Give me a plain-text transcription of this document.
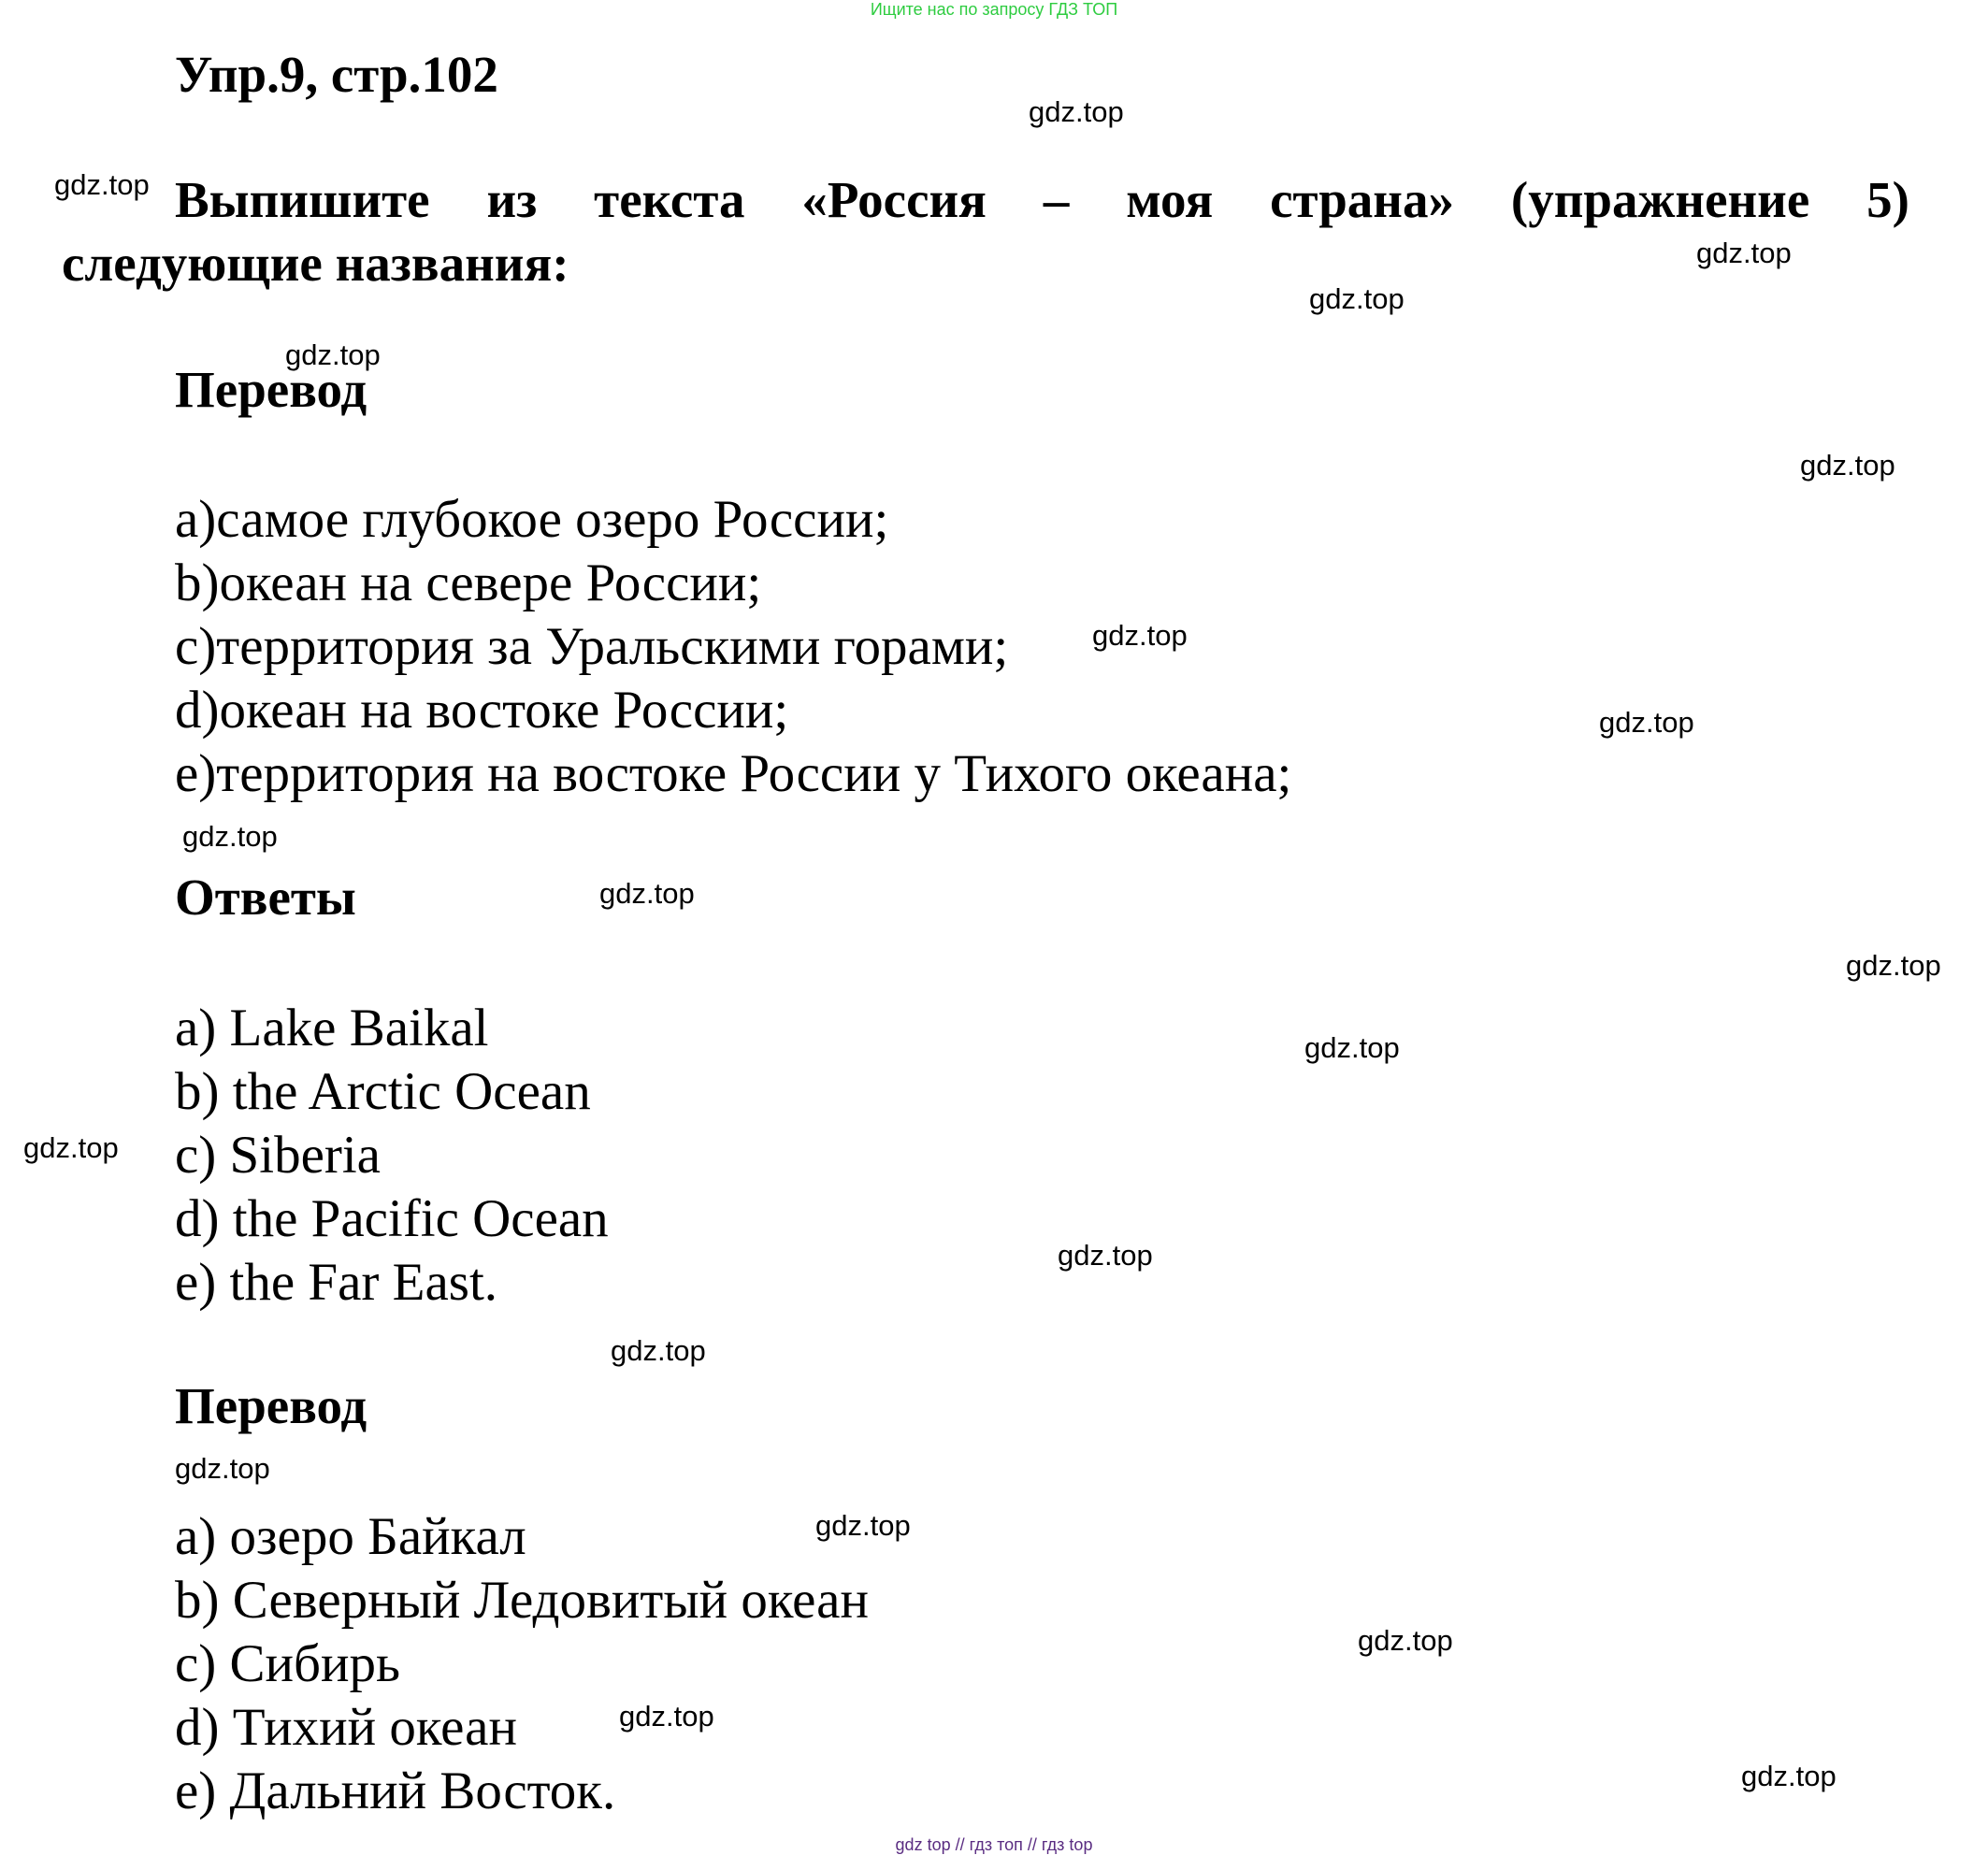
Ищите нас по запросу ГДЗ ТОП
Упр.9, стр.102
Выпишите из текста «Россия – моя страна» (упражнение 5)
следующие названия:
Перевод
a)самое глубокое озеро России;
b)океан на севере России;
c)территория за Уральскими горами;
d)океан на востоке России;
e)территория на востоке России у Тихого океана;
Ответы
a) Lake Baikal
b) the Arctic Ocean
c) Siberia
d) the Pacific Ocean
e) the Far East.
Перевод
a) озеро Байкал
b) Северный Ледовитый океан
c) Сибирь
d) Тихий океан
e) Дальний Восток.
gdz.top
gdz.top
gdz.top
gdz.top
gdz.top
gdz.top
gdz.top
gdz.top
gdz.top
gdz.top
gdz.top
gdz.top
gdz.top
gdz.top
gdz.top
gdz.top
gdz.top
gdz.top
gdz.top
gdz.top
gdz top // гдз топ // гдз top
